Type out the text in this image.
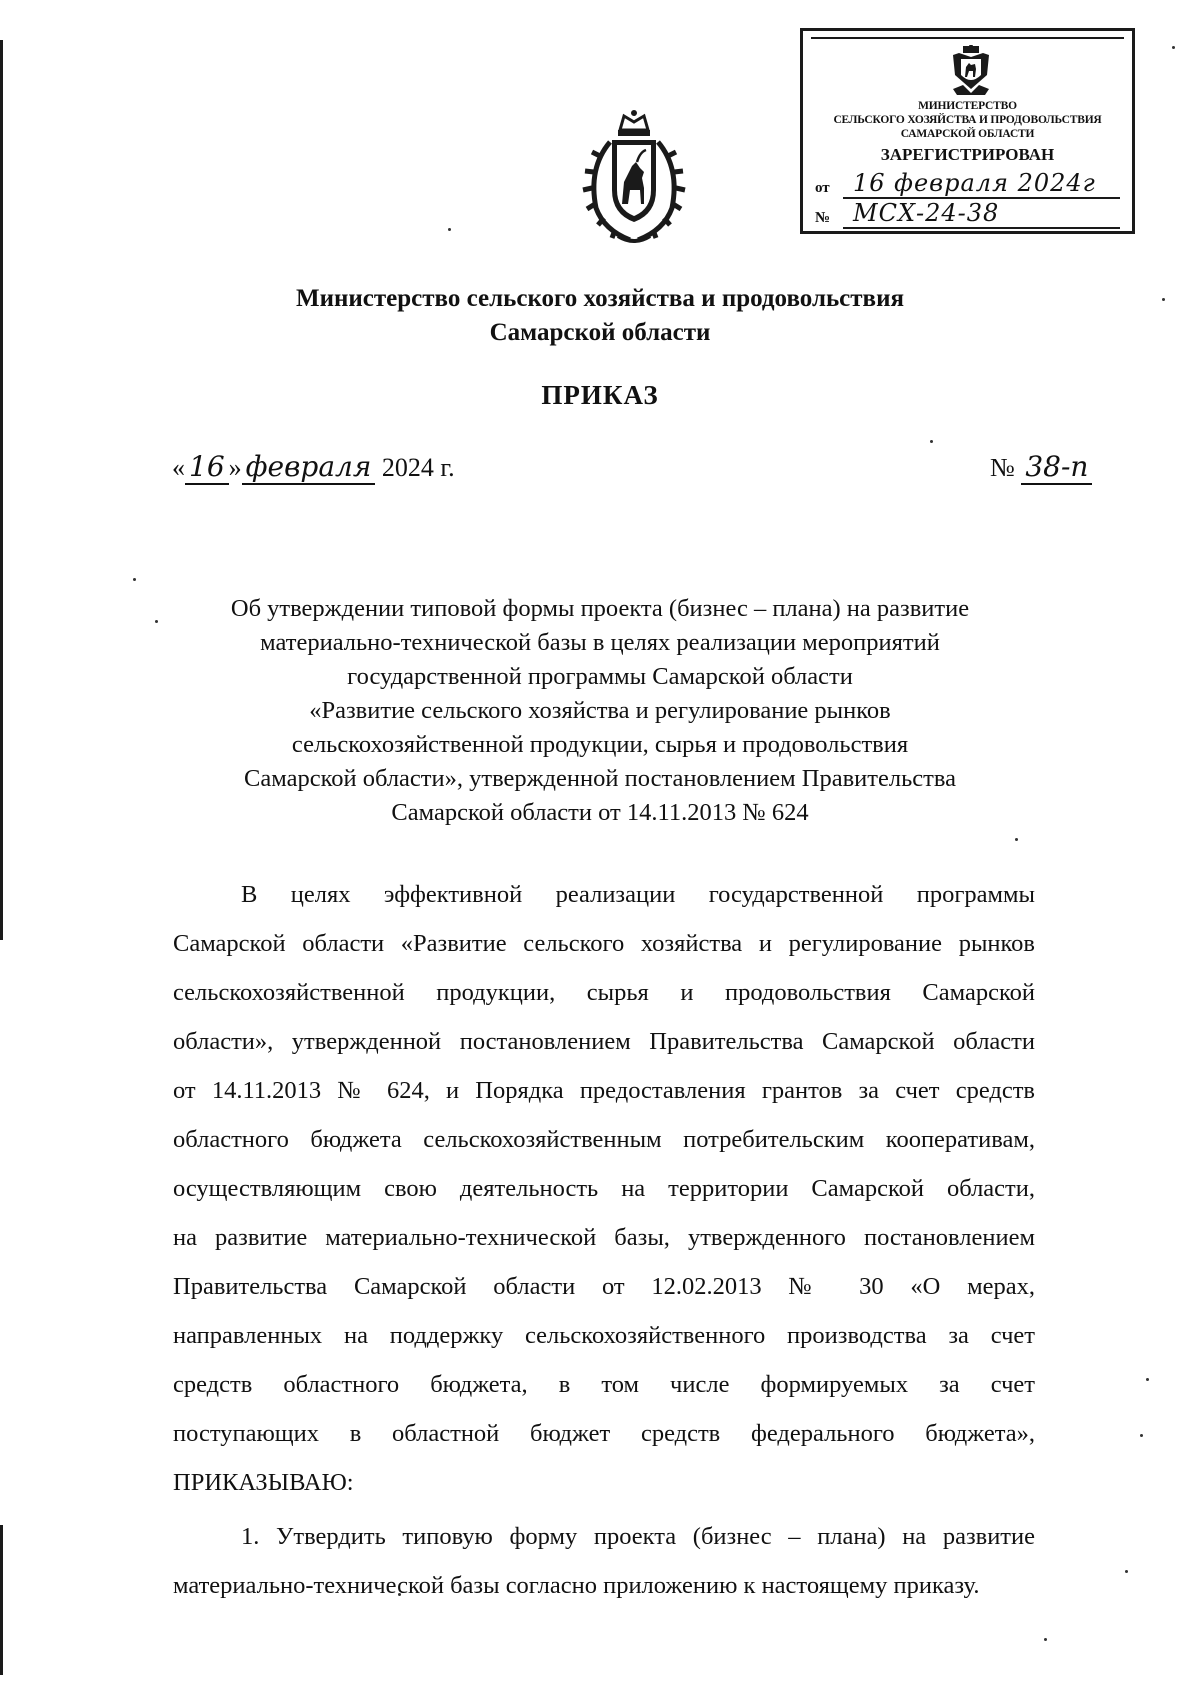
МИНИСТЕРСТВО
СЕЛЬСКОГО ХОЗЯЙСТВА И ПРОДОВОЛЬСТВИЯ
САМАРСКОЙ ОБЛАСТИ
ЗАРЕГИСТРИРОВАН
от 16 февраля 2024г
№ МСХ-24-38
Министерство сельского хозяйства и продовольствия
Самарской области
ПРИКАЗ
« 16 » февраля 2024 г.	№ 38-п
Об утверждении типовой формы проекта (бизнес – плана) на развитие
материально-технической базы в целях реализации мероприятий
государственной программы Самарской области
«Развитие сельского хозяйства и регулирование рынков
сельскохозяйственной продукции, сырья и продовольствия
Самарской области», утвержденной постановлением Правительства
Самарской области от 14.11.2013 № 624
В целях эффективной реализации государственной программы
Самарской области «Развитие сельского хозяйства и регулирование рынков
сельскохозяйственной продукции, сырья и продовольствия Самарской
области», утвержденной постановлением Правительства Самарской области
от 14.11.2013 № 624, и Порядка предоставления грантов за счет средств
областного бюджета сельскохозяйственным потребительским кооперативам,
осуществляющим свою деятельность на территории Самарской области,
на развитие материально-технической базы, утвержденного постановлением
Правительства Самарской области от 12.02.2013 № 30 «О мерах,
направленных на поддержку сельскохозяйственного производства за счет
средств областного бюджета, в том числе формируемых за счет
поступающих в областной бюджет средств федерального бюджета»,
ПРИКАЗЫВАЮ:
1. Утвердить типовую форму проекта (бизнес – плана) на развитие
материально-технической базы согласно приложению к настоящему приказу.
